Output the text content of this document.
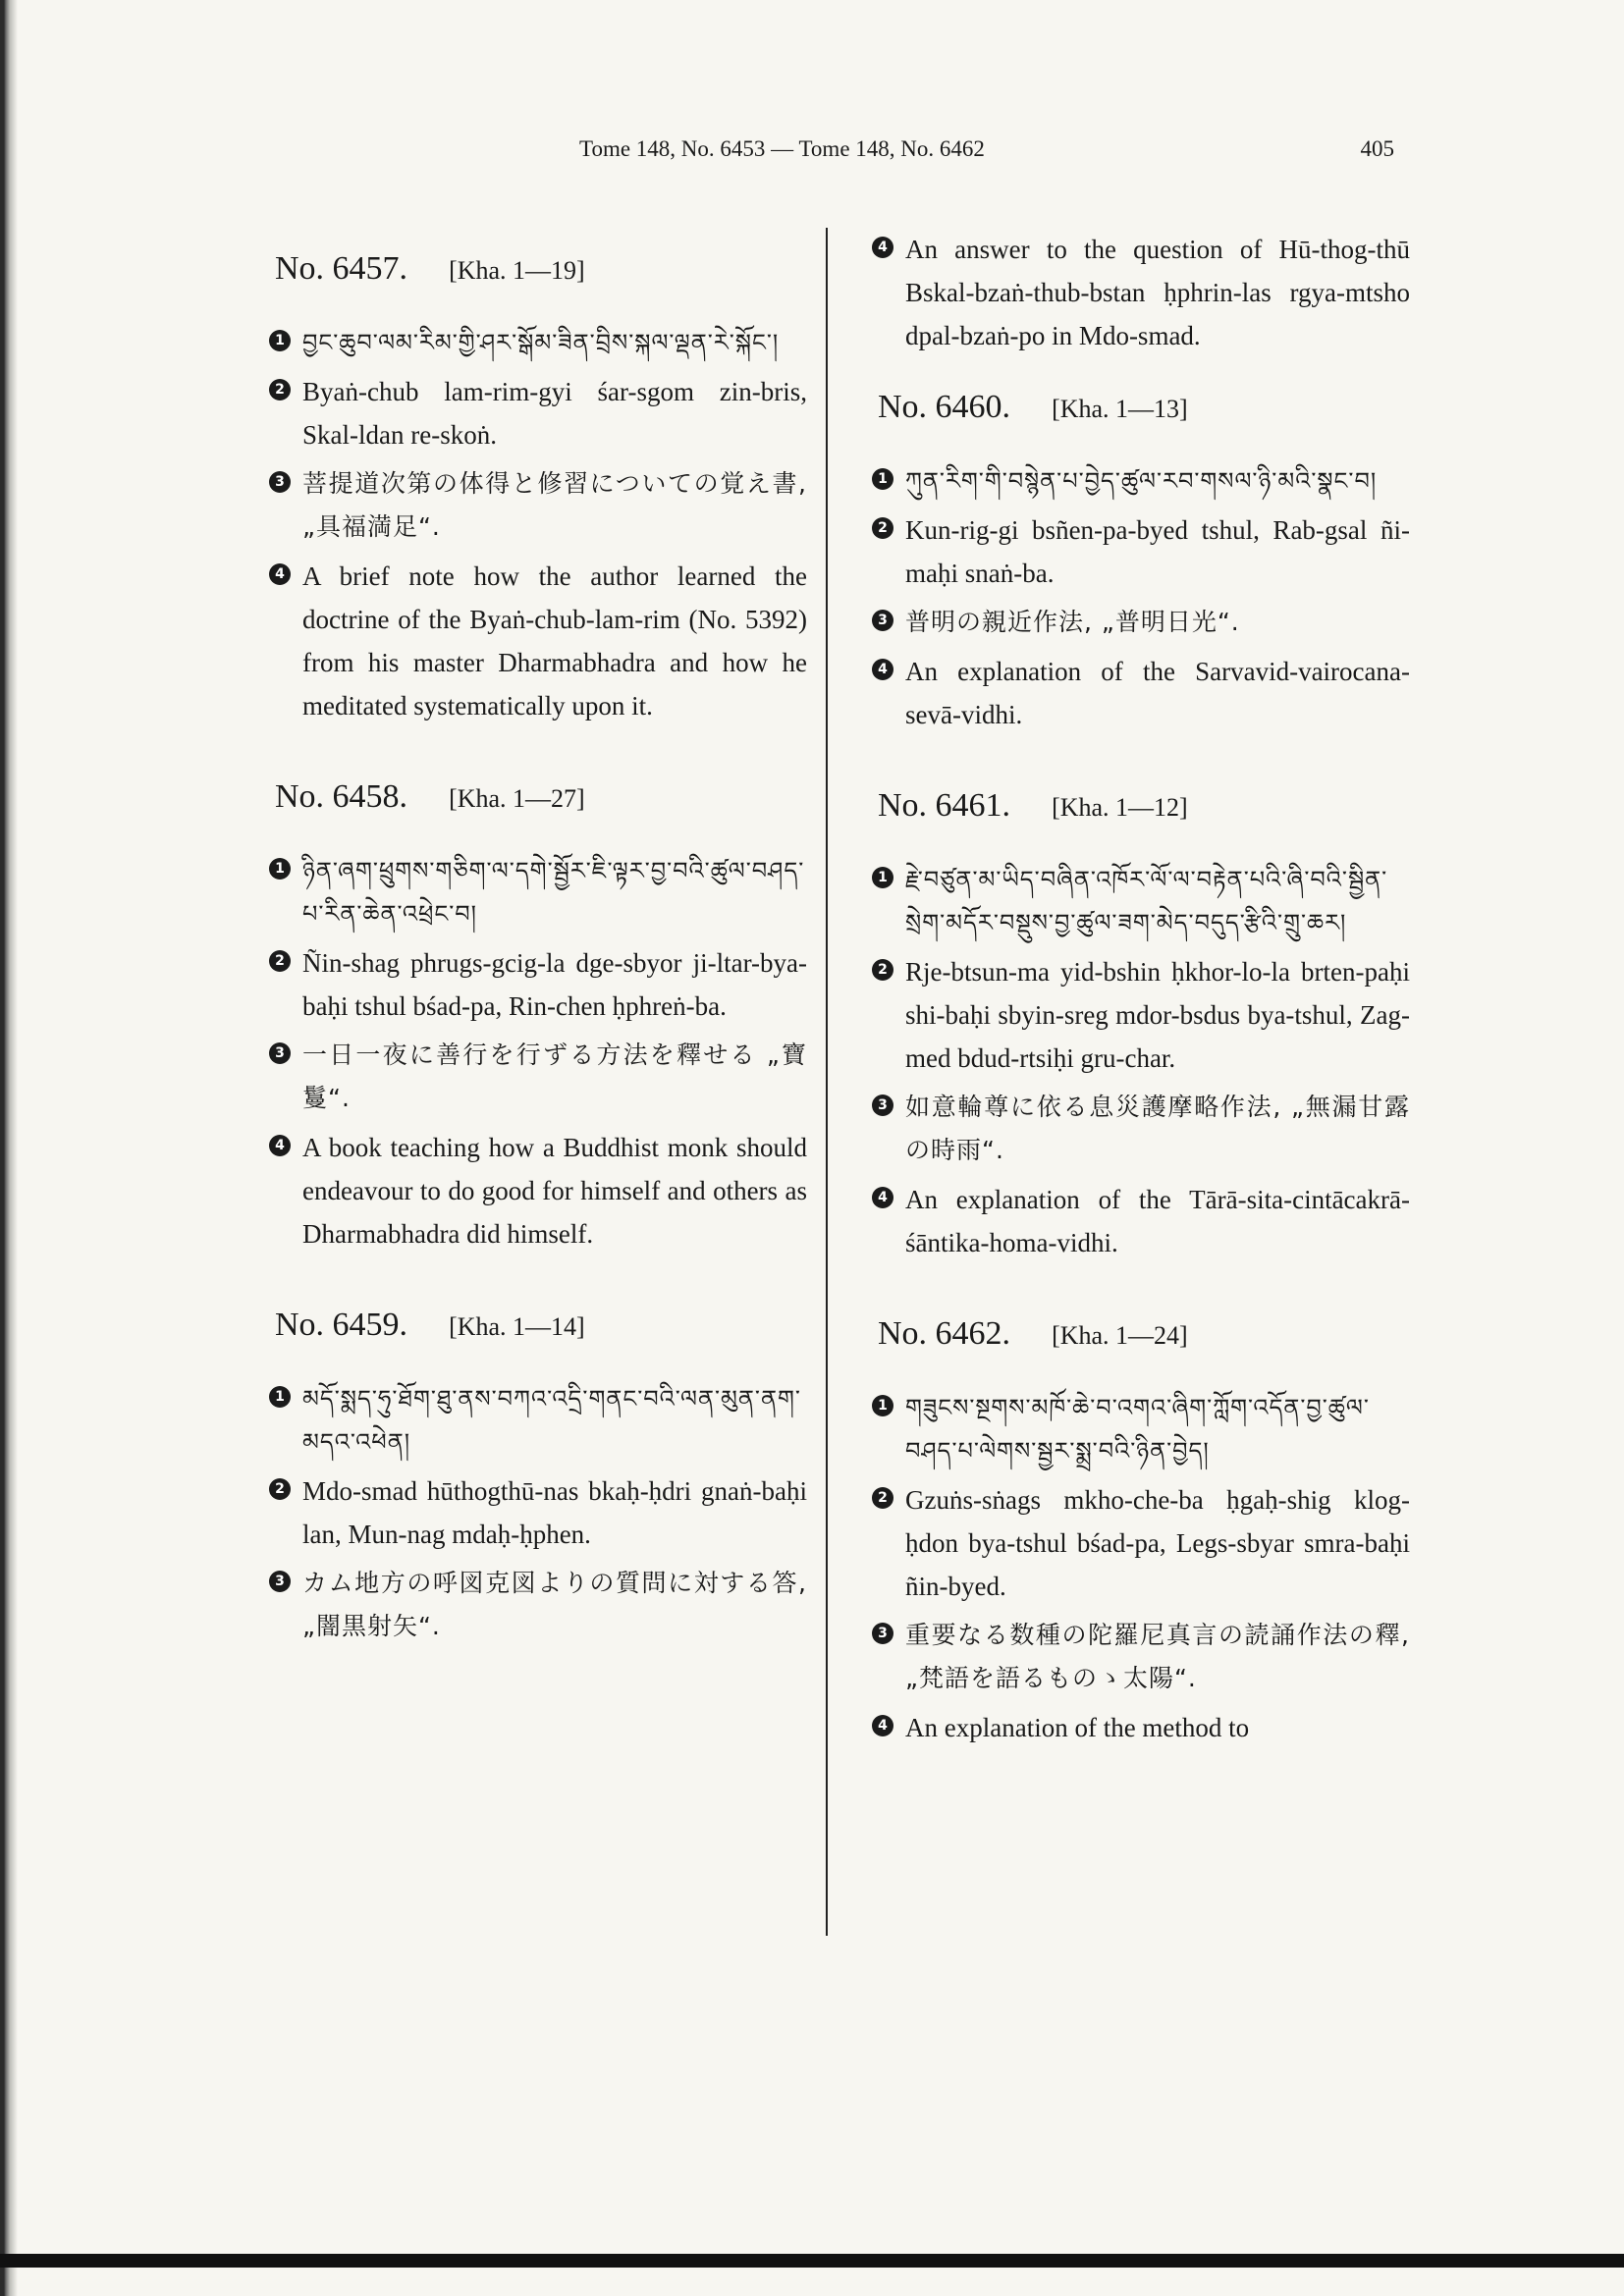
Tome 148, No. 6453 — Tome 148, No. 6462	405
No. 6457. [Kha. 1—19]
1 བྱང་ཆུབ་ལམ་རིམ་གྱི་ཤར་སྒོམ་ཟིན་བྲིས་སྐལ་ལྡན་རེ་སྐོང་།
2 Byaṅ-chub lam-rim-gyi śar-sgom zin-bris, Skal-ldan re-skoṅ.
3 菩提道次第の体得と修習についての覚え書, „具福満足“.
4 A brief note how the author learned the doctrine of the Byaṅ-chub-lam-rim (No. 5392) from his master Dharmabhadra and how he meditated systematically upon it.
No. 6458. [Kha. 1—27]
1 ཉིན་ཞག་ཕྲུགས་གཅིག་ལ་དགེ་སྦྱོར་ཇི་ལྟར་བྱ་བའི་ཚུལ་བཤད་པ་རིན་ཆེན་འཕྲེང་བ།
2 Ñin-shag phrugs-gcig-la dge-sbyor ji-ltar-bya-baḥi tshul bśad-pa, Rin-chen ḥphreṅ-ba.
3 一日一夜に善行を行ずる方法を釋せる „寶鬘“.
4 A book teaching how a Buddhist monk should endeavour to do good for himself and others as Dharmabhadra did himself.
No. 6459. [Kha. 1—14]
1 མདོ་སྨད་ཧུ་ཐོག་ཐུ་ནས་བཀའ་འདྲི་གནང་བའི་ལན་མུན་ནག་མདའ་འཕེན།
2 Mdo-smad hūthogthū-nas bkaḥ-ḥdri gnaṅ-baḥi lan, Mun-nag mdaḥ-ḥphen.
3 カム地方の呼図克図よりの質問に対する答, „闇黒射矢“.
4 An answer to the question of Hū-thog-thū Bskal-bzaṅ-thub-bstan ḥphrin-las rgya-mtsho dpal-bzaṅ-po in Mdo-smad.
No. 6460. [Kha. 1—13]
1 ཀུན་རིག་གི་བསྙེན་པ་བྱེད་ཚུལ་རབ་གསལ་ཉི་མའི་སྣང་བ།
2 Kun-rig-gi bsñen-pa-byed tshul, Rab-gsal ñi-maḥi snaṅ-ba.
3 普明の親近作法, „普明日光“.
4 An explanation of the Sarvavid-vairocana-sevā-vidhi.
No. 6461. [Kha. 1—12]
1 རྗེ་བཙུན་མ་ཡིད་བཞིན་འཁོར་ལོ་ལ་བརྟེན་པའི་ཞི་བའི་སྦྱིན་སྲེག་མདོར་བསྡུས་བྱ་ཚུལ་ཟག་མེད་བདུད་རྩིའི་གྲུ་ཆར།
2 Rje-btsun-ma yid-bshin ḥkhor-lo-la brten-paḥi shi-baḥi sbyin-sreg mdor-bsdus bya-tshul, Zag-med bdud-rtsiḥi gru-char.
3 如意輪尊に依る息災護摩略作法, „無漏甘露の時雨“.
4 An explanation of the Tārā-sita-cintācakrā-śāntika-homa-vidhi.
No. 6462. [Kha. 1—24]
1 གཟུངས་སྔགས་མཁོ་ཆེ་བ་འགའ་ཞིག་ཀློག་འདོན་བྱ་ཚུལ་བཤད་པ་ལེགས་སྦྱར་སྨྲ་བའི་ཉིན་བྱེད།
2 Gzuṅs-sṅags mkho-che-ba ḥgaḥ-shig klog-ḥdon bya-tshul bśad-pa, Legs-sbyar smra-baḥi ñin-byed.
3 重要なる数種の陀羅尼真言の読誦作法の釋, „梵語を語るものゝ太陽“.
4 An explanation of the method to
